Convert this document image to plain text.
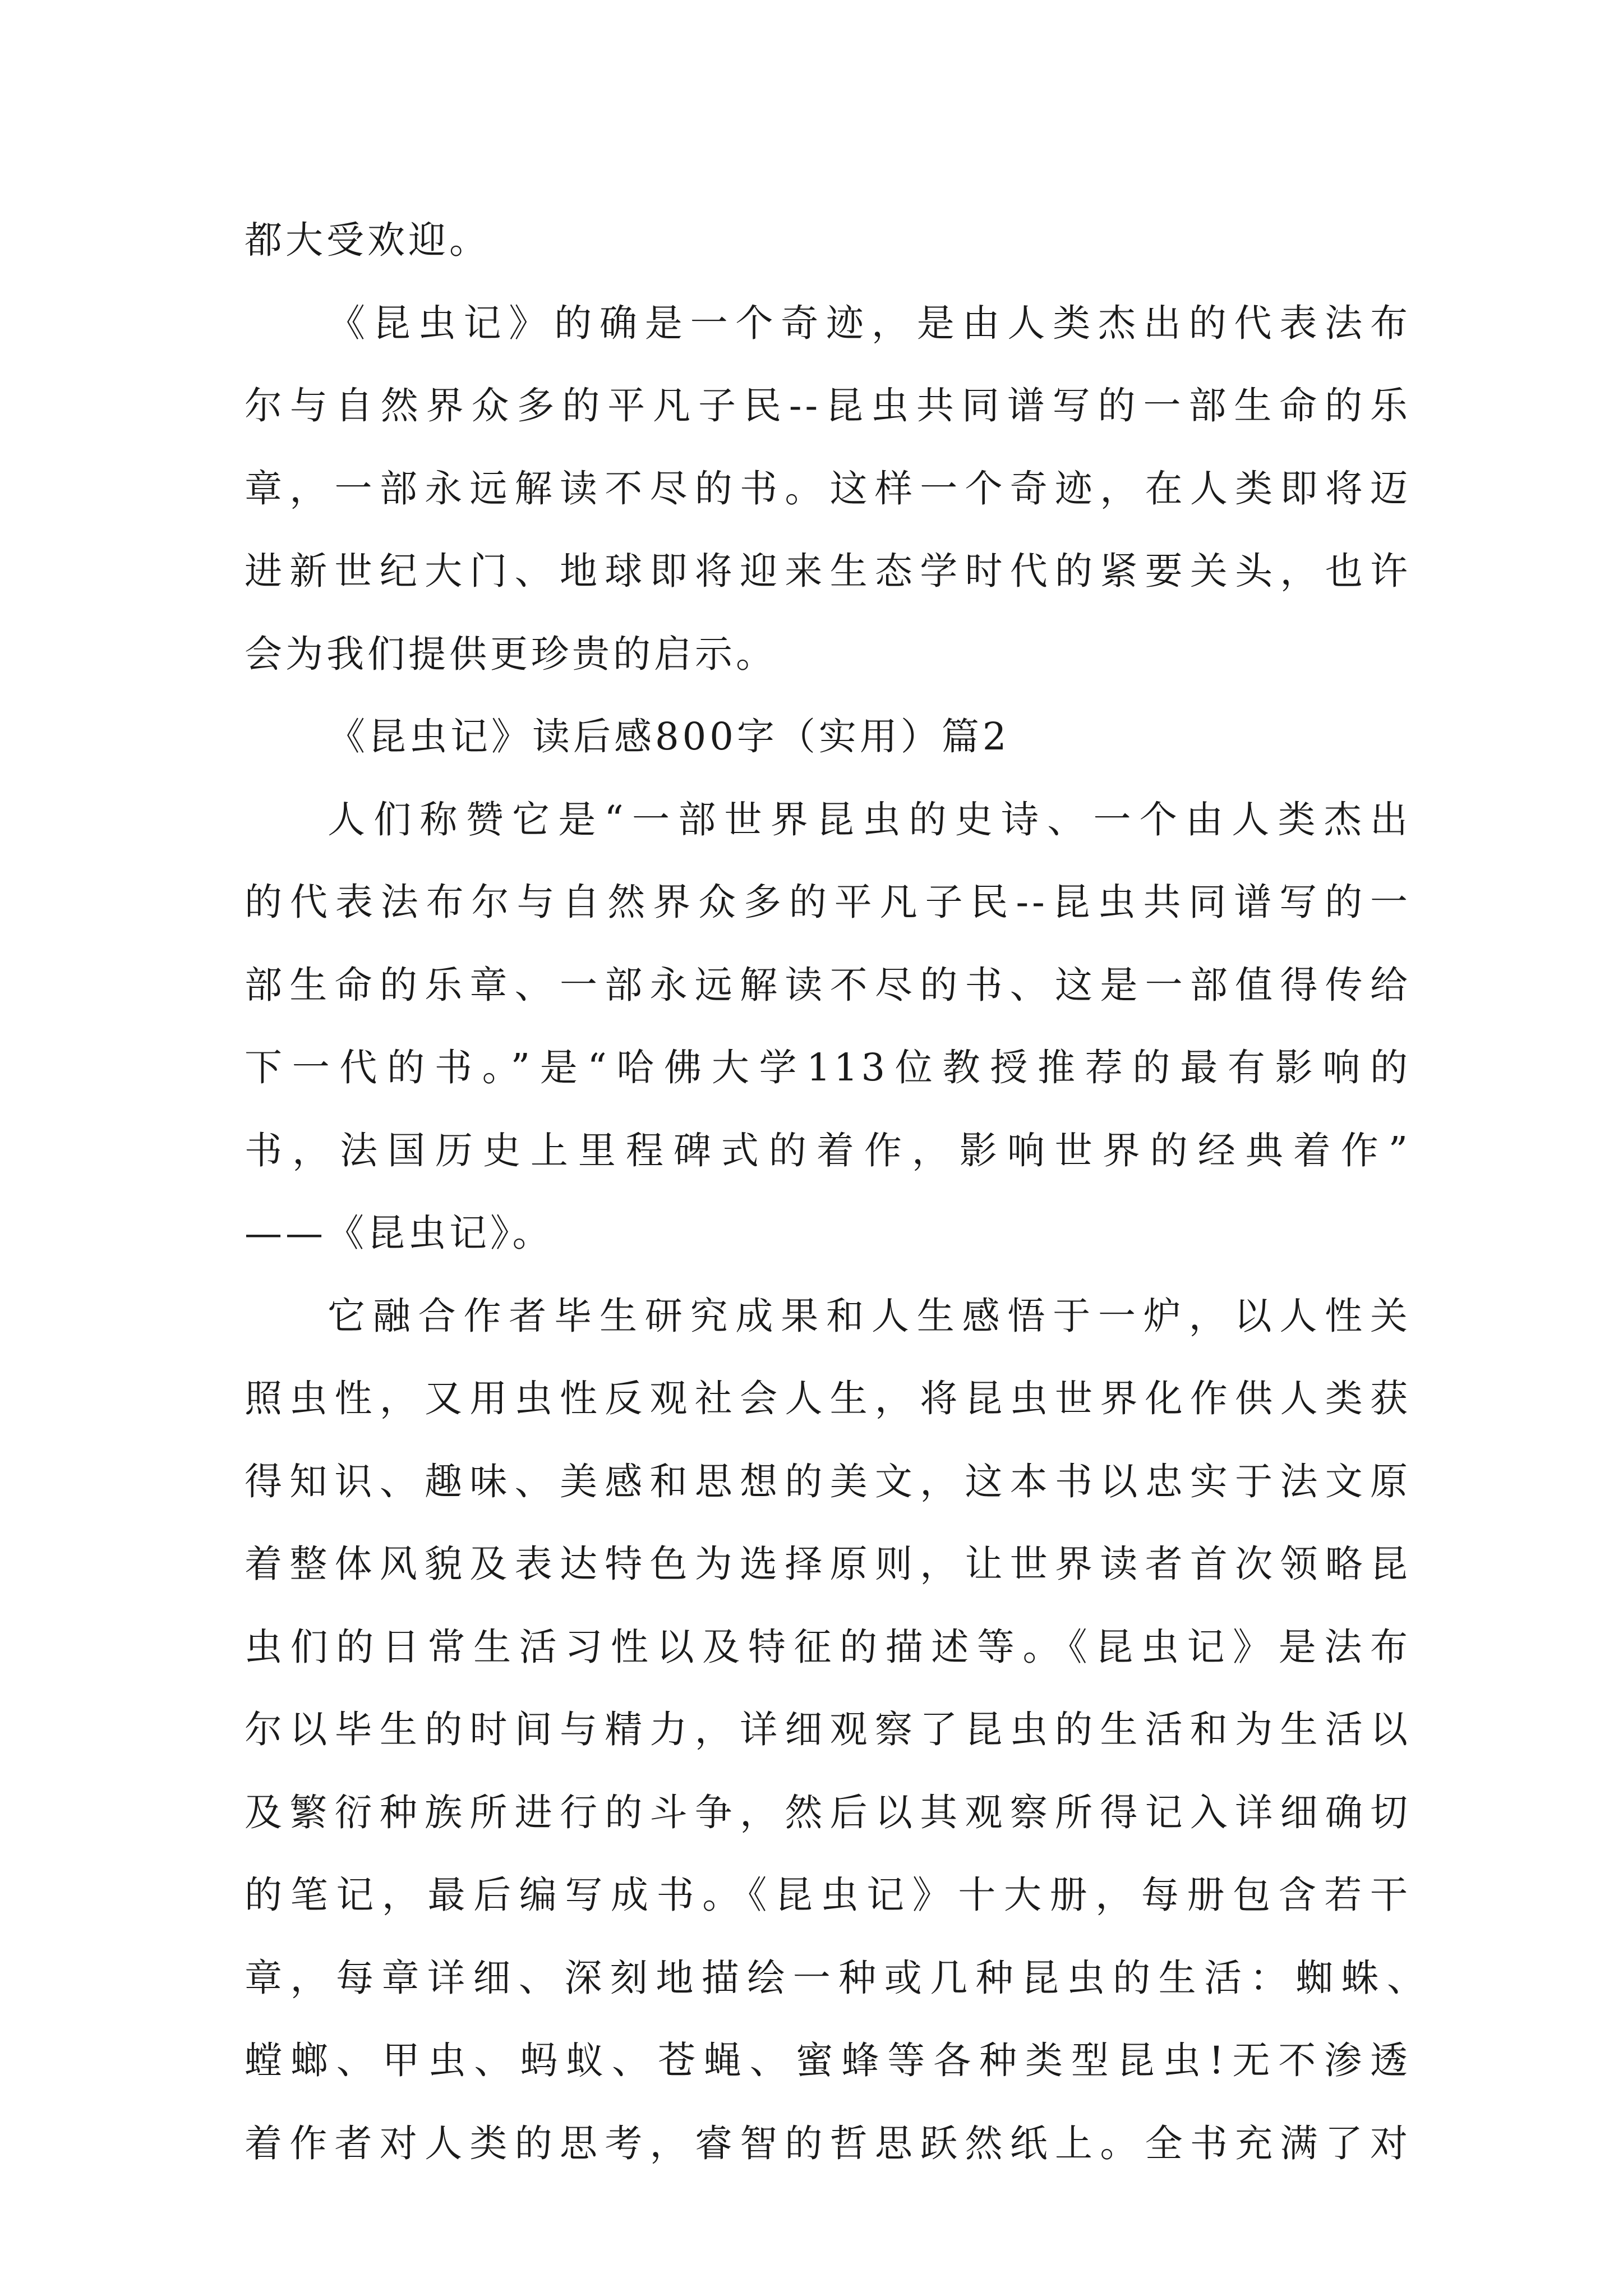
都大受欢迎。
《昆虫记》的确是一个奇迹，是由人类杰出的代表法布
尔与自然界众多的平凡子民--昆虫共同谱写的一部生命的乐
章，一部永远解读不尽的书。这样一个奇迹，在人类即将迈
进新世纪大门、地球即将迎来生态学时代的紧要关头，也许
会为我们提供更珍贵的启示。
《昆虫记》读后感800字（实用）篇2
人们称赞它是“一部世界昆虫的史诗、一个由人类杰出
的代表法布尔与自然界众多的平凡子民--昆虫共同谱写的一
部生命的乐章、一部永远解读不尽的书、这是一部值得传给
下一代的书。”是“哈佛大学113位教授推荐的最有影响的
书，法国历史上里程碑式的着作，影响世界的经典着作”
——《昆虫记》。
它融合作者毕生研究成果和人生感悟于一炉，以人性关
照虫性，又用虫性反观社会人生，将昆虫世界化作供人类获
得知识、趣味、美感和思想的美文，这本书以忠实于法文原
着整体风貌及表达特色为选择原则，让世界读者首次领略昆
虫们的日常生活习性以及特征的描述等。《昆虫记》是法布
尔以毕生的时间与精力，详细观察了昆虫的生活和为生活以
及繁衍种族所进行的斗争，然后以其观察所得记入详细确切
的笔记，最后编写成书。《昆虫记》十大册，每册包含若干
章，每章详细、深刻地描绘一种或几种昆虫的生活：蜘蛛、
螳螂、甲虫、蚂蚁、苍蝇、蜜蜂等各种类型昆虫!无不渗透
着作者对人类的思考，睿智的哲思跃然纸上。全书充满了对
